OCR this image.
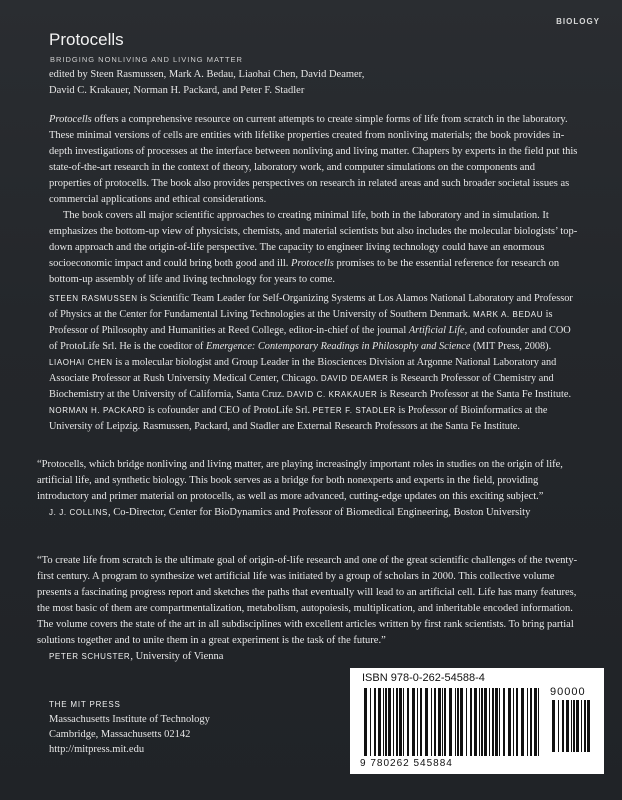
BIOLOGY
Protocells
BRIDGING NONLIVING AND LIVING MATTER
edited by Steen Rasmussen, Mark A. Bedau, Liaohai Chen, David Deamer,
David C. Krakauer, Norman H. Packard, and Peter F. Stadler

Protocells offers a comprehensive resource on current attempts to create simple forms of life from scratch in the laboratory. These minimal versions of cells are entities with lifelike properties created from nonliving materials; the book provides in-depth investigations of processes at the interface between nonliving and living matter. Chapters by experts in the field put this state-of-the-art research in the context of theory, laboratory work, and computer simulations on the components and properties of protocells. The book also provides perspectives on research in related areas and such broader societal issues as commercial applications and ethical considerations.

The book covers all major scientific approaches to creating minimal life, both in the laboratory and in simulation. It emphasizes the bottom-up view of physicists, chemists, and material scientists but also includes the molecular biologists’ top-down approach and the origin-of-life perspective. The capacity to engineer living technology could have an enormous socioeconomic impact and could bring both good and ill. Protocells promises to be the essential reference for research on bottom-up assembly of life and living technology for years to come.

STEEN RASMUSSEN is Scientific Team Leader for Self-Organizing Systems at Los Alamos National Laboratory and Professor of Physics at the Center for Fundamental Living Technologies at the University of Southern Denmark. MARK A. BEDAU is Professor of Philosophy and Humanities at Reed College, editor-in-chief of the journal Artificial Life, and cofounder and COO of ProtoLife Srl. He is the coeditor of Emergence: Contemporary Readings in Philosophy and Science (MIT Press, 2008). LIAOHAI CHEN is a molecular biologist and Group Leader in the Biosciences Division at Argonne National Laboratory and Associate Professor at Rush University Medical Center, Chicago. DAVID DEAMER is Research Professor of Chemistry and Biochemistry at the University of California, Santa Cruz. DAVID C. KRAKAUER is Research Professor at the Santa Fe Institute. NORMAN H. PACKARD is cofounder and CEO of ProtoLife Srl. PETER F. STADLER is Professor of Bioinformatics at the University of Leipzig. Rasmussen, Packard, and Stadler are External Research Professors at the Santa Fe Institute.
“Protocells, which bridge nonliving and living matter, are playing increasingly important roles in studies on the origin of life, artificial life, and synthetic biology. This book serves as a bridge for both nonexperts and experts in the field, providing introductory and primer material on protocells, as well as more advanced, cutting-edge updates on this exciting subject.”
J. J. COLLINS, Co-Director, Center for BioDynamics and Professor of Biomedical Engineering, Boston University
“To create life from scratch is the ultimate goal of origin-of-life research and one of the great scientific challenges of the twenty-first century. A program to synthesize wet artificial life was initiated by a group of scholars in 2000. This collective volume presents a fascinating progress report and sketches the paths that eventually will lead to an artificial cell. Life has many features, the most basic of them are compartmentalization, metabolism, autopoiesis, multiplication, and inheritable encoded information. The volume covers the state of the art in all subdisciplines with excellent articles written by first rank scientists. To bring partial solutions together and to unite them in a great experiment is the task of the future.”
PETER SCHUSTER, University of Vienna
THE MIT PRESS
Massachusetts Institute of Technology
Cambridge, Massachusetts 02142
http://mitpress.mit.edu
ISBN 978-0-262-54588-4
90000
9 780262 545884
